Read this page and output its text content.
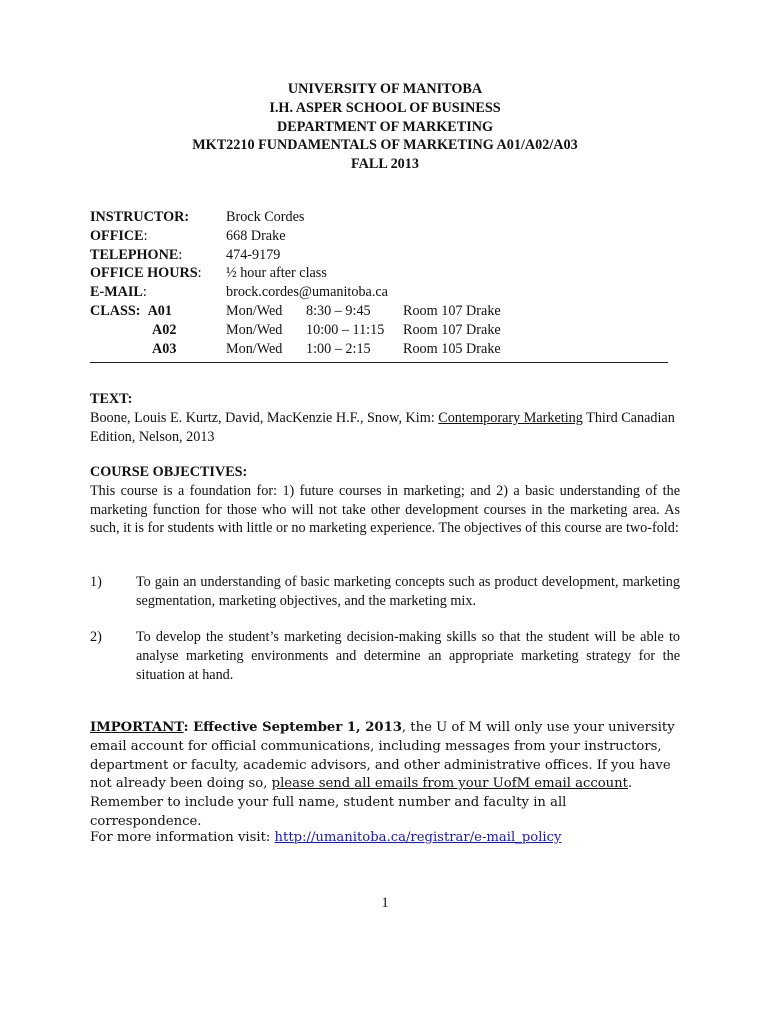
UNIVERSITY OF MANITOBA
I.H. ASPER SCHOOL OF BUSINESS
DEPARTMENT OF MARKETING
MKT2210 FUNDAMENTALS OF MARKETING A01/A02/A03
FALL 2013
INSTRUCTOR:	Brock Cordes
OFFICE:	668 Drake
TELEPHONE:	474-9179
OFFICE HOURS: ½ hour after class
E-MAIL:	brock.cordes@umanitoba.ca
CLASS: A01	Mon/Wed 8:30 – 9:45 Room 107 Drake
A02	Mon/Wed 10:00 – 11:15 Room 107 Drake
A03	Mon/Wed 1:00 – 2:15 Room 105 Drake
TEXT:
Boone, Louis E. Kurtz, David, MacKenzie H.F., Snow, Kim: Contemporary Marketing Third Canadian Edition, Nelson, 2013
COURSE OBJECTIVES:
This course is a foundation for: 1) future courses in marketing; and 2) a basic understanding of the marketing function for those who will not take other development courses in the marketing area. As such, it is for students with little or no marketing experience. The objectives of this course are two-fold:
1) To gain an understanding of basic marketing concepts such as product development, marketing segmentation, marketing objectives, and the marketing mix.
2) To develop the student’s marketing decision-making skills so that the student will be able to analyse marketing environments and determine an appropriate marketing strategy for the situation at hand.
IMPORTANT: Effective September 1, 2013, the U of M will only use your university email account for official communications, including messages from your instructors, department or faculty, academic advisors, and other administrative offices. If you have not already been doing so, please send all emails from your UofM email account. Remember to include your full name, student number and faculty in all correspondence.
For more information visit: http://umanitoba.ca/registrar/e-mail_policy
1
